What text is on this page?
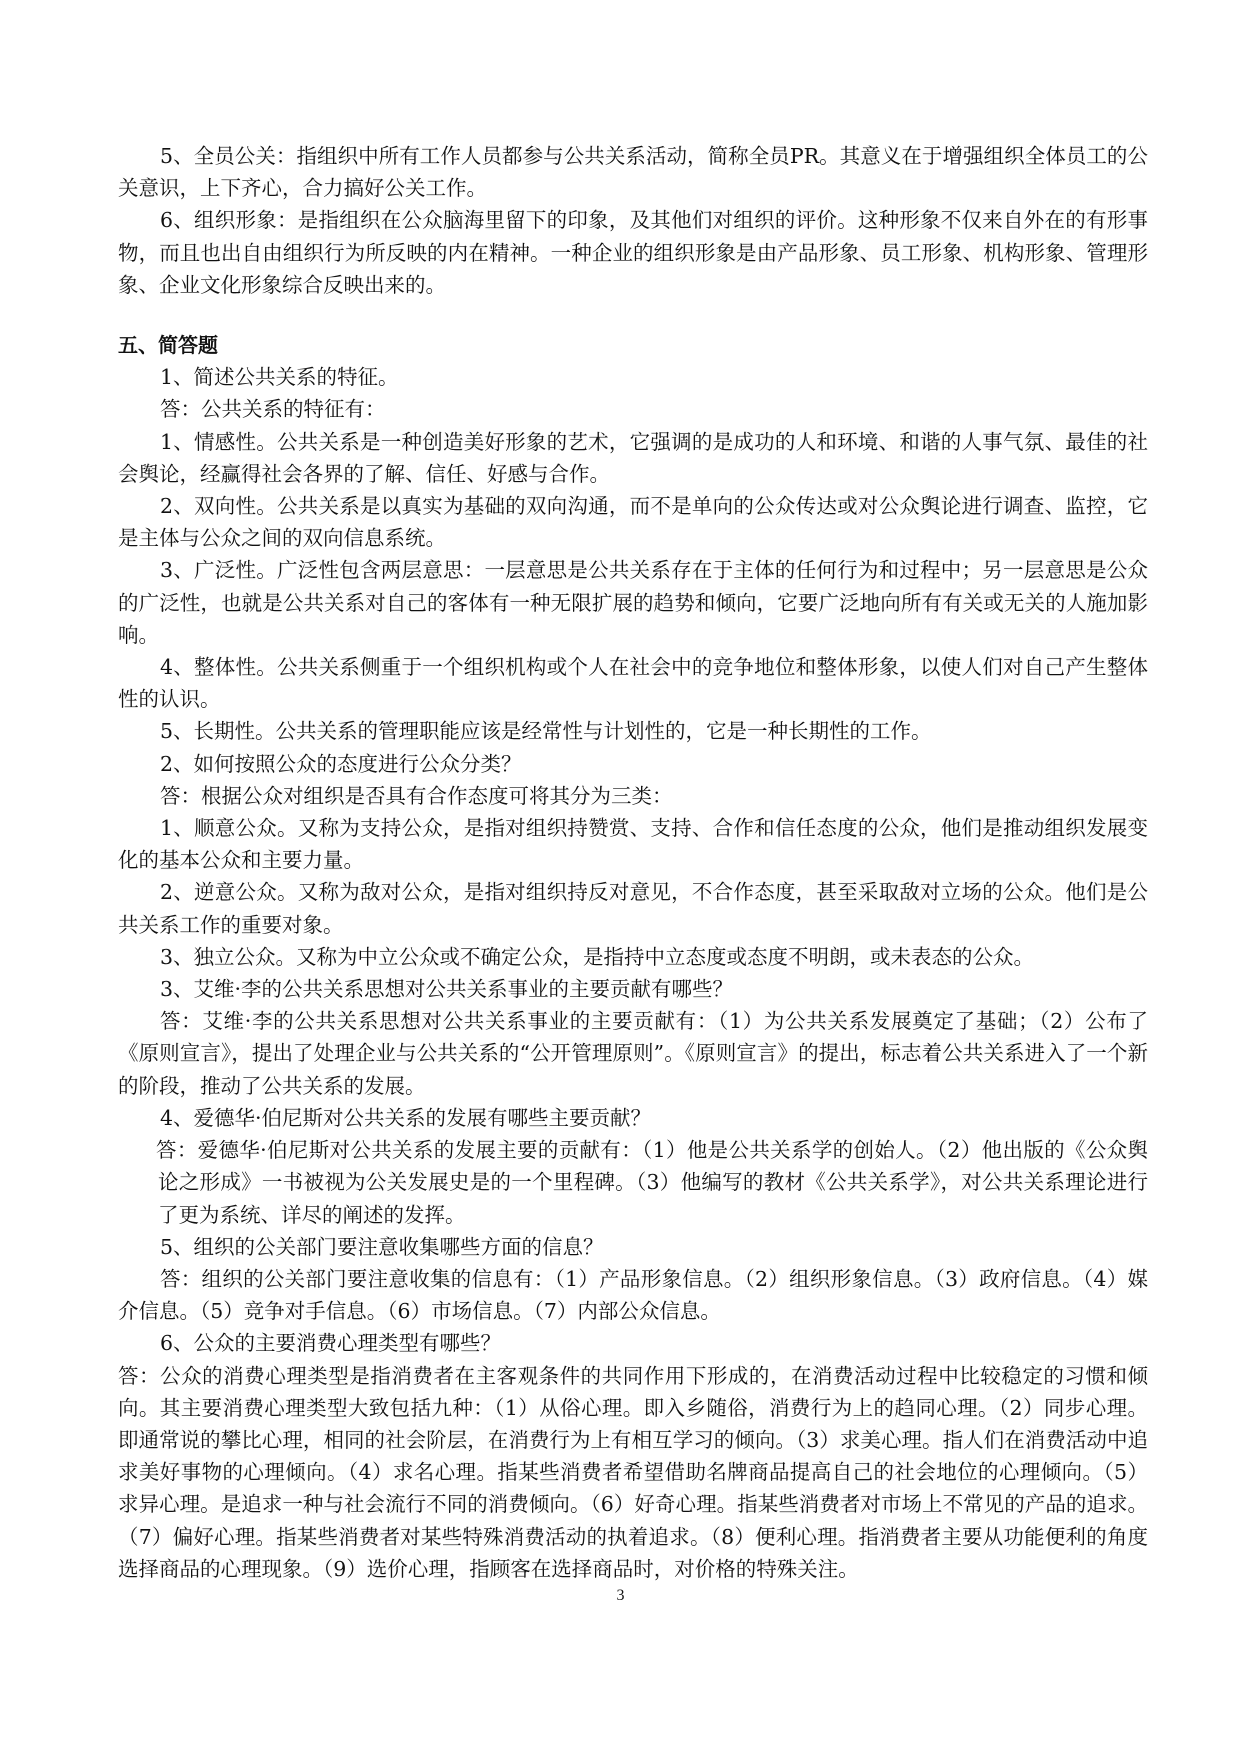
5、全员公关：指组织中所有工作人员都参与公共关系活动，简称全员PR。其意义在于增强组织全体员工的公关意识，上下齐心，合力搞好公关工作。

6、组织形象：是指组织在公众脑海里留下的印象，及其他们对组织的评价。这种形象不仅来自外在的有形事物，而且也出自由组织行为所反映的内在精神。一种企业的组织形象是由产品形象、员工形象、机构形象、管理形象、企业文化形象综合反映出来的。

五、简答题

1、简述公共关系的特征。

答：公共关系的特征有：

1、情感性。公共关系是一种创造美好形象的艺术，它强调的是成功的人和环境、和谐的人事气氛、最佳的社会舆论，经赢得社会各界的了解、信任、好感与合作。

2、双向性。公共关系是以真实为基础的双向沟通，而不是单向的公众传达或对公众舆论进行调查、监控，它是主体与公众之间的双向信息系统。

3、广泛性。广泛性包含两层意思：一层意思是公共关系存在于主体的任何行为和过程中；另一层意思是公众的广泛性，也就是公共关系对自己的客体有一种无限扩展的趋势和倾向，它要广泛地向所有有关或无关的人施加影响。

4、整体性。公共关系侧重于一个组织机构或个人在社会中的竞争地位和整体形象，以使人们对自己产生整体性的认识。

5、长期性。公共关系的管理职能应该是经常性与计划性的，它是一种长期性的工作。

2、如何按照公众的态度进行公众分类？

答：根据公众对组织是否具有合作态度可将其分为三类：

1、顺意公众。又称为支持公众，是指对组织持赞赏、支持、合作和信任态度的公众，他们是推动组织发展变化的基本公众和主要力量。

2、逆意公众。又称为敌对公众，是指对组织持反对意见，不合作态度，甚至采取敌对立场的公众。他们是公共关系工作的重要对象。

3、独立公众。又称为中立公众或不确定公众，是指持中立态度或态度不明朗，或未表态的公众。

3、艾维·李的公共关系思想对公共关系事业的主要贡献有哪些？

答：艾维·李的公共关系思想对公共关系事业的主要贡献有：（1）为公共关系发展奠定了基础；（2）公布了《原则宣言》，提出了处理企业与公共关系的“公开管理原则”。《原则宣言》的提出，标志着公共关系进入了一个新的阶段，推动了公共关系的发展。

4、爱德华·伯尼斯对公共关系的发展有哪些主要贡献？

答：爱德华·伯尼斯对公共关系的发展主要的贡献有：（1）他是公共关系学的创始人。（2）他出版的《公众舆论之形成》一书被视为公关发展史是的一个里程碑。（3）他编写的教材《公共关系学》，对公共关系理论进行了更为系统、详尽的阐述的发挥。

5、组织的公关部门要注意收集哪些方面的信息？

答：组织的公关部门要注意收集的信息有：（1）产品形象信息。（2）组织形象信息。（3）政府信息。（4）媒介信息。（5）竞争对手信息。（6）市场信息。（7）内部公众信息。

6、公众的主要消费心理类型有哪些？

答：公众的消费心理类型是指消费者在主客观条件的共同作用下形成的，在消费活动过程中比较稳定的习惯和倾向。其主要消费心理类型大致包括九种：（1）从俗心理。即入乡随俗，消费行为上的趋同心理。（2）同步心理。即通常说的攀比心理，相同的社会阶层，在消费行为上有相互学习的倾向。（3）求美心理。指人们在消费活动中追求美好事物的心理倾向。（4）求名心理。指某些消费者希望借助名牌商品提高自己的社会地位的心理倾向。（5）求异心理。是追求一种与社会流行不同的消费倾向。（6）好奇心理。指某些消费者对市场上不常见的产品的追求。（7）偏好心理。指某些消费者对某些特殊消费活动的执着追求。（8）便利心理。指消费者主要从功能便利的角度选择商品的心理现象。（9）选价心理，指顾客在选择商品时，对价格的特殊关注。

3
